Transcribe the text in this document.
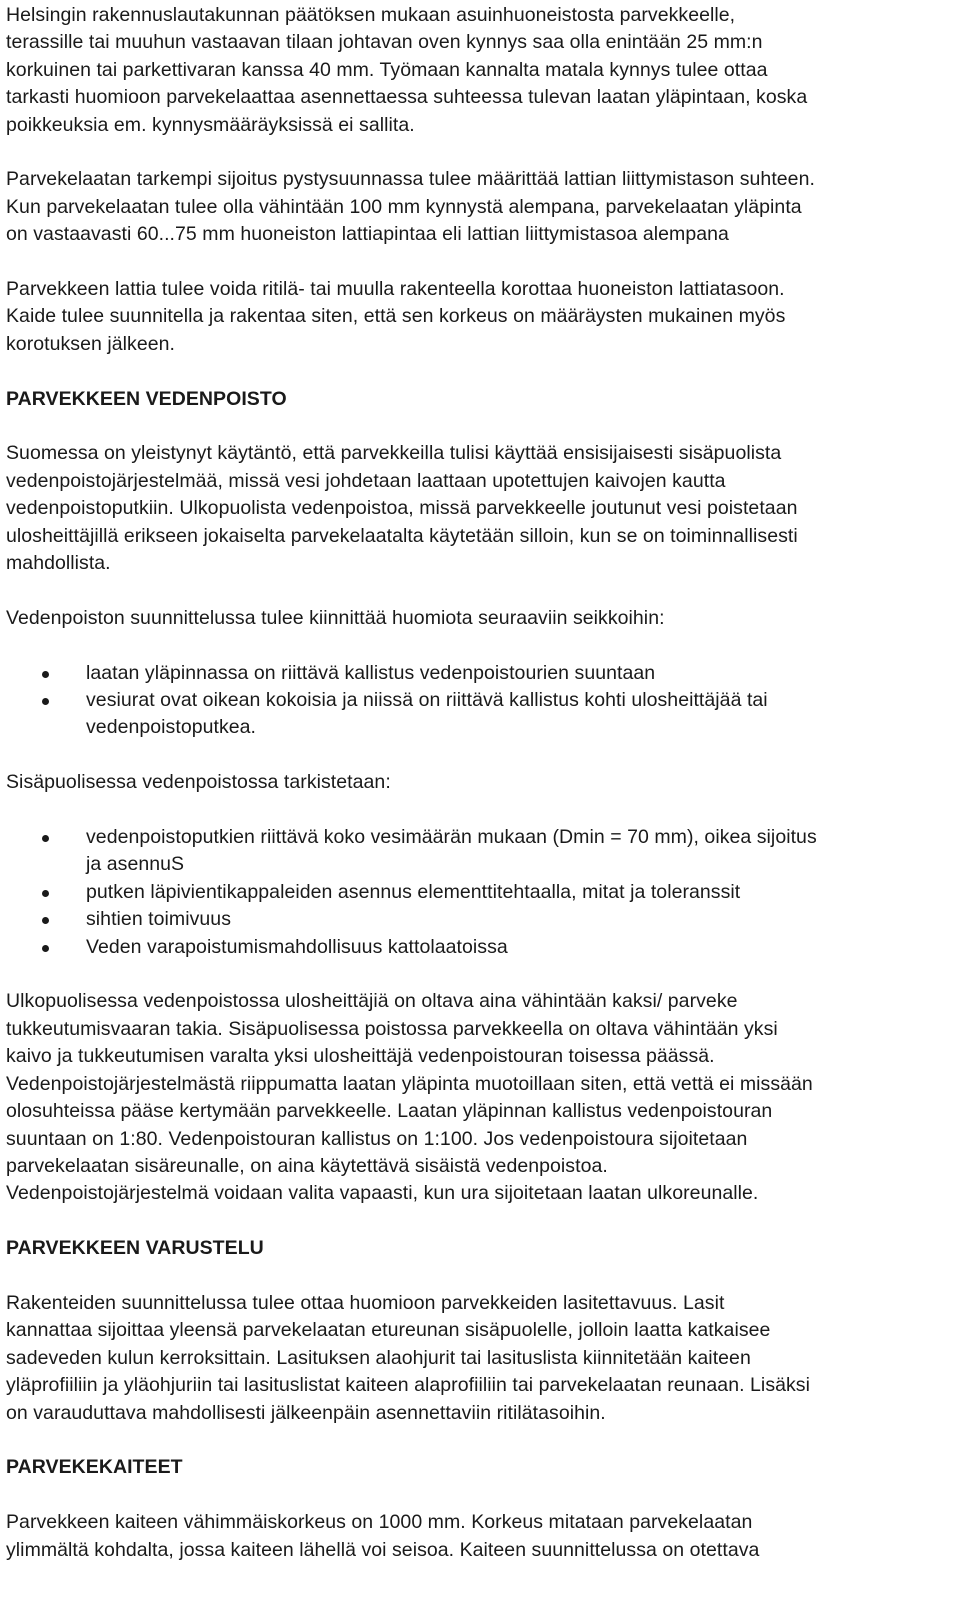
Helsingin rakennuslautakunnan päätöksen mukaan asuinhuoneistosta parvekkeelle,
terassille tai muuhun vastaavan tilaan johtavan oven kynnys saa olla enintään 25 mm:n
korkuinen tai parkettivaran kanssa 40 mm. Työmaan kannalta matala kynnys tulee ottaa
tarkasti huomioon parvekelaattaa asennettaessa suhteessa tulevan laatan yläpintaan, koska
poikkeuksia em. kynnysmääräyksissä ei sallita.

Parvekelaatan tarkempi sijoitus pystysuunnassa tulee määrittää lattian liittymistason suhteen.
Kun parvekelaatan tulee olla vähintään 100 mm kynnystä alempana, parvekelaatan yläpinta
on vastaavasti 60...75 mm huoneiston lattiapintaa eli lattian liittymistasoa alempana

Parvekkeen lattia tulee voida ritilä- tai muulla rakenteella korottaa huoneiston lattiatasoon.
Kaide tulee suunnitella ja rakentaa siten, että sen korkeus on määräysten mukainen myös
korotuksen jälkeen.

PARVEKKEEN VEDENPOISTO

Suomessa on yleistynyt käytäntö, että parvekkeilla tulisi käyttää ensisijaisesti sisäpuolista
vedenpoistojärjestelmää, missä vesi johdetaan laattaan upotettujen kaivojen kautta
vedenpoistoputkiin. Ulkopuolista vedenpoistoa, missä parvekkeelle joutunut vesi poistetaan
ulosheittäjillä erikseen jokaiselta parvekelaatalta käytetään silloin, kun se on toiminnallisesti
mahdollista.

Vedenpoiston suunnittelussa tulee kiinnittää huomiota seuraaviin seikkoihin:

laatan yläpinnassa on riittävä kallistus vedenpoistourien suuntaan
vesiurat ovat oikean kokoisia ja niissä on riittävä kallistus kohti ulosheittäjää tai
vedenpoistoputkea.

Sisäpuolisessa vedenpoistossa tarkistetaan:

vedenpoistoputkien riittävä koko vesimäärän mukaan (Dmin = 70 mm), oikea sijoitus
ja asennuS
putken läpivientikappaleiden asennus elementtitehtaalla, mitat ja toleranssit
sihtien toimivuus
Veden varapoistumismahdollisuus kattolaatoissa

Ulkopuolisessa vedenpoistossa ulosheittäjiä on oltava aina vähintään kaksi/ parveke
tukkeutumisvaaran takia. Sisäpuolisessa poistossa parvekkeella on oltava vähintään yksi
kaivo ja tukkeutumisen varalta yksi ulosheittäjä vedenpoistouran toisessa päässä.
Vedenpoistojärjestelmästä riippumatta laatan yläpinta muotoillaan siten, että vettä ei missään
olosuhteissa pääse kertymään parvekkeelle. Laatan yläpinnan kallistus vedenpoistouran
suuntaan on 1:80. Vedenpoistouran kallistus on 1:100. Jos vedenpoistoura sijoitetaan
parvekelaatan sisäreunalle, on aina käytettävä sisäistä vedenpoistoa.
Vedenpoistojärjestelmä voidaan valita vapaasti, kun ura sijoitetaan laatan ulkoreunalle.

PARVEKKEEN VARUSTELU

Rakenteiden suunnittelussa tulee ottaa huomioon parvekkeiden lasitettavuus. Lasit
kannattaa sijoittaa yleensä parvekelaatan etureunan sisäpuolelle, jolloin laatta katkaisee
sadeveden kulun kerroksittain. Lasituksen alaohjurit tai lasituslista kiinnitetään kaiteen
yläprofiiliin ja yläohjuriin tai lasituslistat kaiteen alaprofiiliin tai parvekelaatan reunaan. Lisäksi
on varauduttava mahdollisesti jälkeenpäin asennettaviin ritilätasoihin.

PARVEKEKAITEET

Parvekkeen kaiteen vähimmäiskorkeus on 1000 mm. Korkeus mitataan parvekelaatan
ylimmältä kohdalta, jossa kaiteen lähellä voi seisoa. Kaiteen suunnittelussa on otettava
